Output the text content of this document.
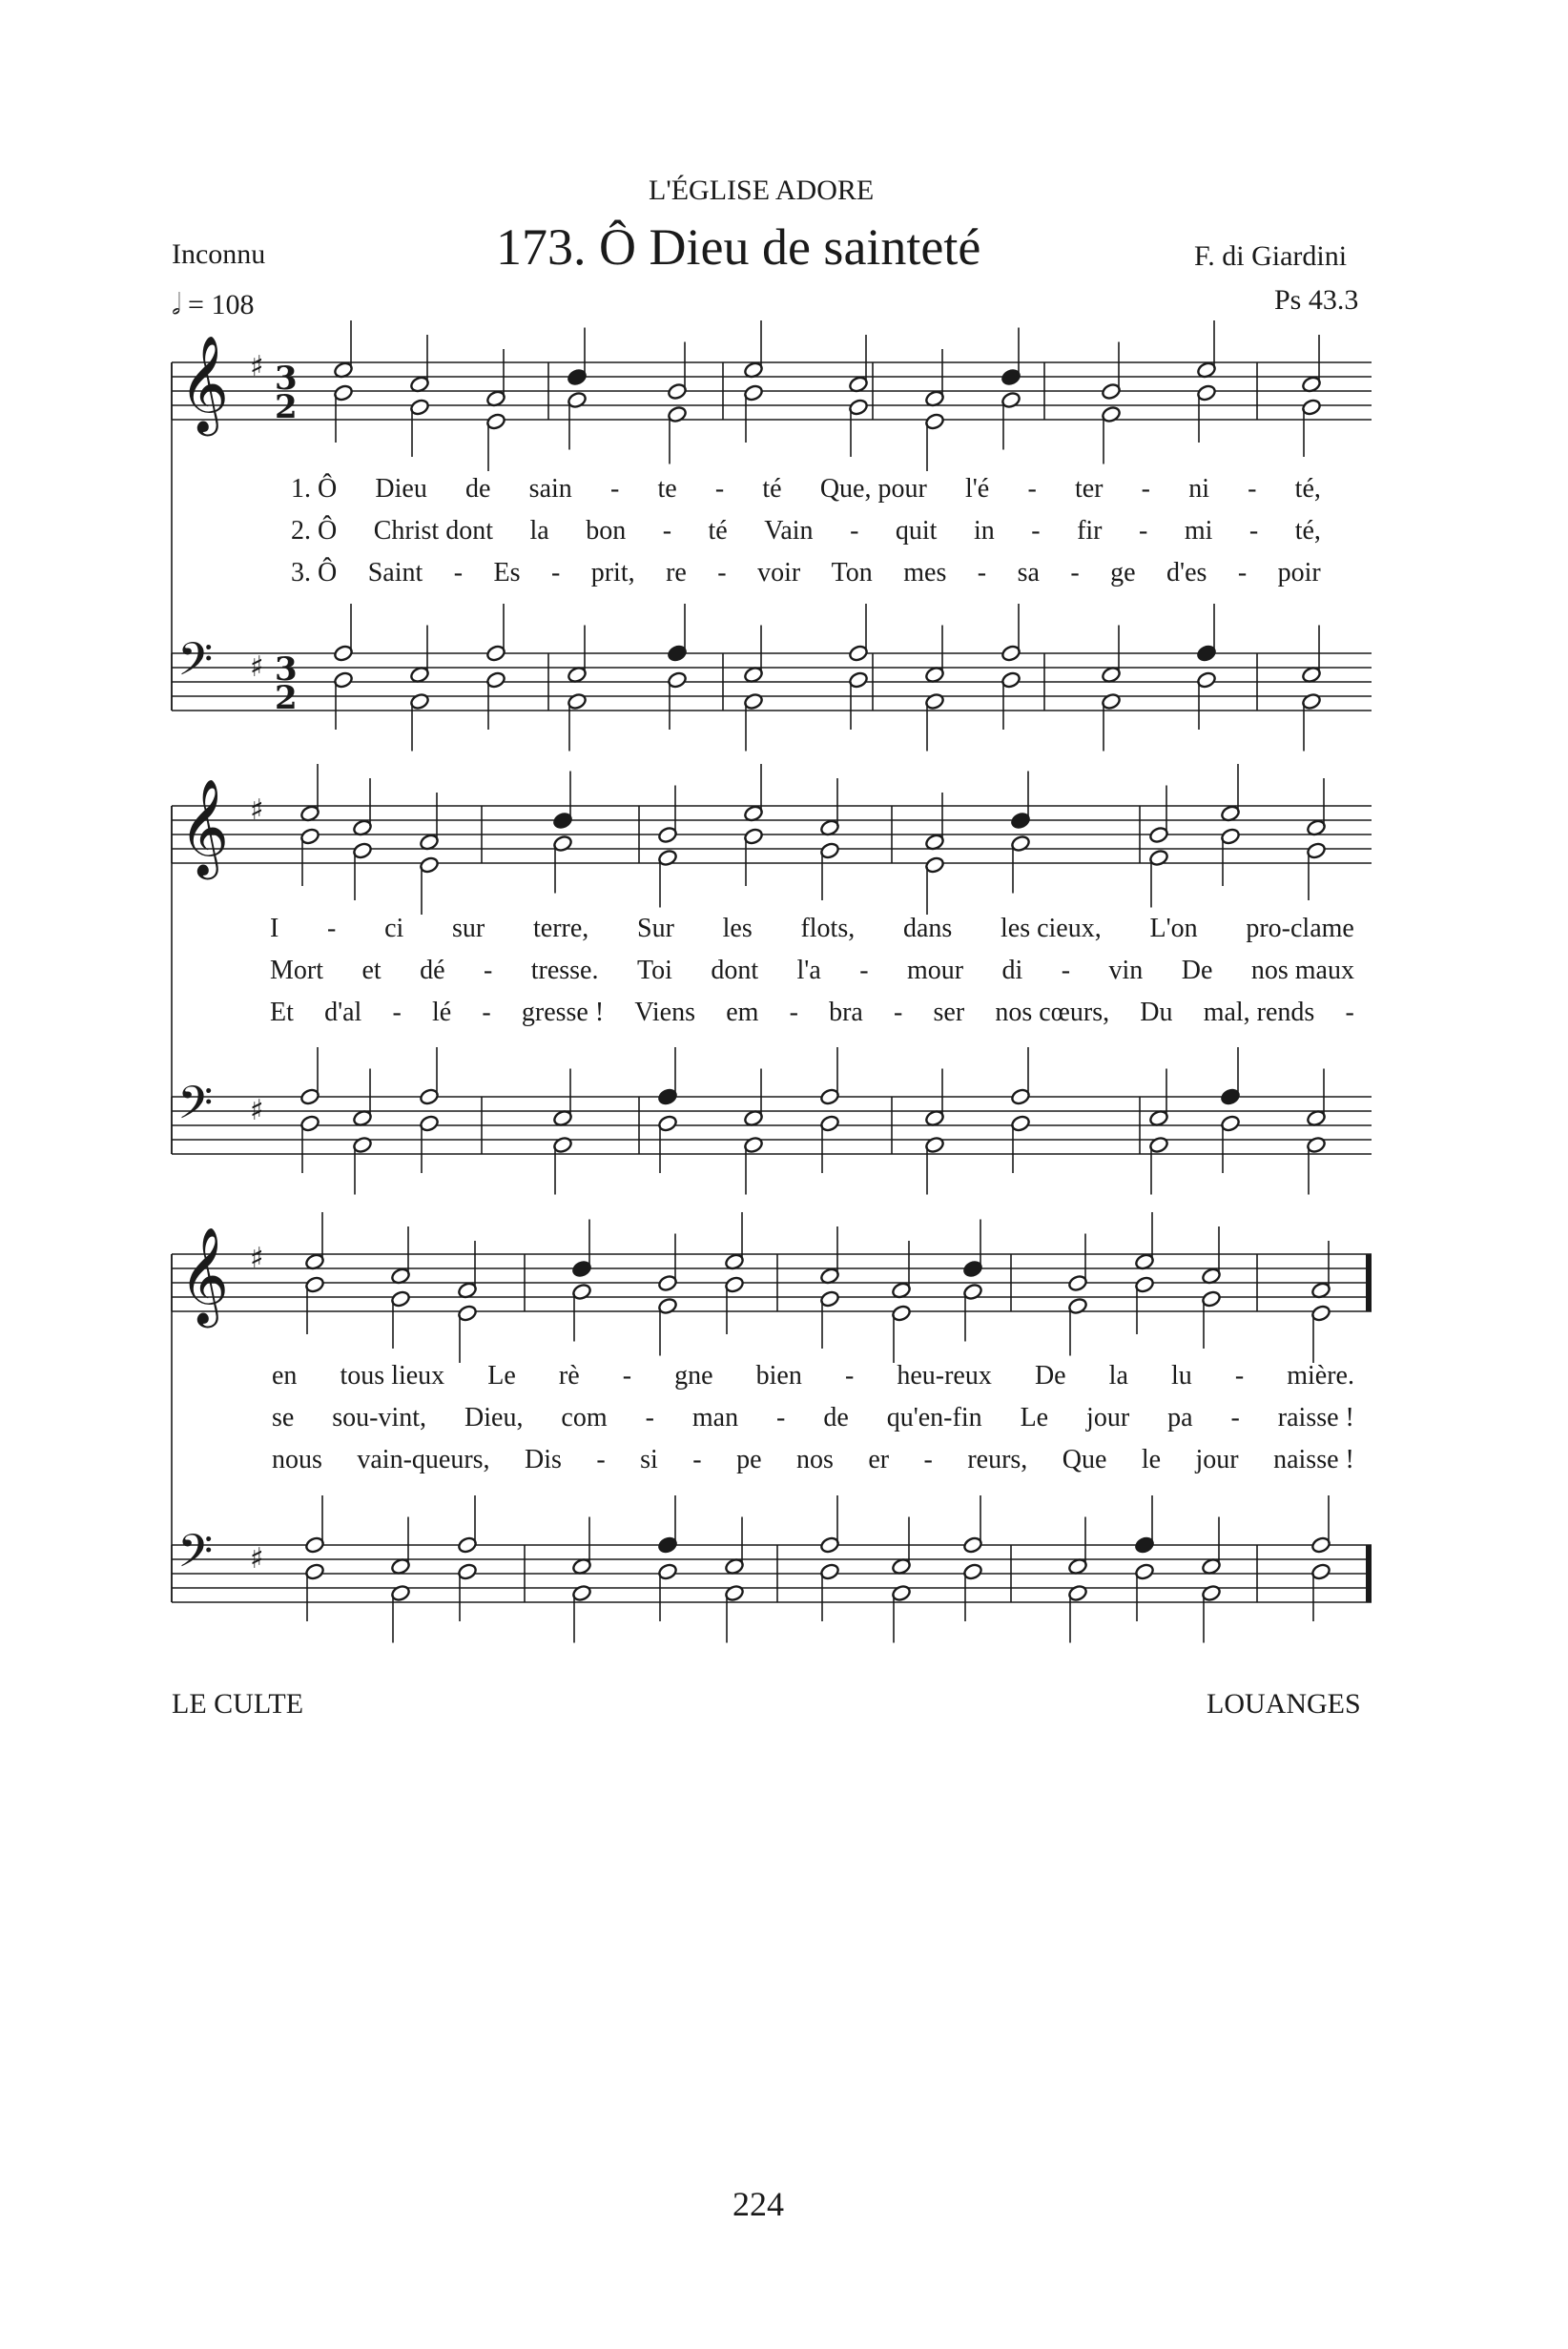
L'ÉGLISE ADORE
173. Ô Dieu de sainteté
Inconnu	F. di Giardini
Ps 43.3
𝅗𝅥 = 108
𝄞 ♯ 3
2
𝄢 ♯ 3
2
𝄞 ♯
𝄢 ♯
𝄞 ♯
𝄢 ♯
1. Ô Dieu de sain - te - té Que, pour l'é - ter - ni - té,
2. Ô Christ dont la bon - té Vain - quit in - fir - mi - té,
3. Ô Saint - Es - prit, re - voir Ton mes - sa - ge d'es - poir
I - ci sur terre, Sur les flots, dans les cieux, L'on pro-clame
Mort et dé - tresse. Toi dont l'a - mour di - vin De nos maux
Et d'al - lé - gresse ! Viens em - bra - ser nos cœurs, Du mal, rends -
en tous lieux Le rè - gne bien - heu-reux De la lu - mière.
se sou-vint, Dieu, com - man - de qu'en-fin Le jour pa - raisse !
nous vain-queurs, Dis - si - pe nos er - reurs, Que le jour naisse !
LE CULTE	LOUANGES
224
